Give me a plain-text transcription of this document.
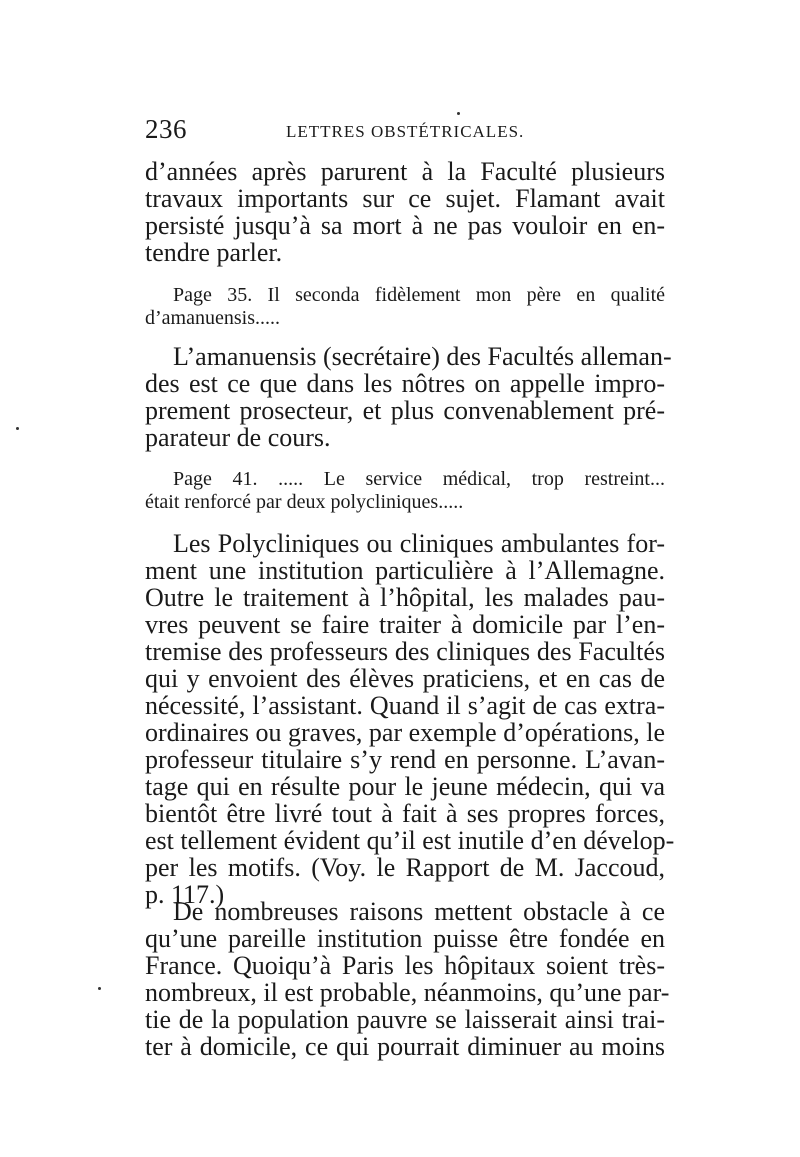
236	LETTRES OBSTÉTRICALES.
d’années après parurent à la Faculté plusieurs
travaux importants sur ce sujet. Flamant avait
persisté jusqu’à sa mort à ne pas vouloir en en-
tendre parler.
Page 35. Il seconda fidèlement mon père en qualité
d’amanuensis.....
L’amanuensis (secrétaire) des Facultés alleman-
des est ce que dans les nôtres on appelle impro-
prement prosecteur, et plus convenablement pré-
parateur de cours.
Page 41. ..... Le service médical, trop restreint...
était renforcé par deux polycliniques.....
Les Polycliniques ou cliniques ambulantes for-
ment une institution particulière à l’Allemagne.
Outre le traitement à l’hôpital, les malades pau-
vres peuvent se faire traiter à domicile par l’en-
tremise des professeurs des cliniques des Facultés
qui y envoient des élèves praticiens, et en cas de
nécessité, l’assistant. Quand il s’agit de cas extra-
ordinaires ou graves, par exemple d’opérations, le
professeur titulaire s’y rend en personne. L’avan-
tage qui en résulte pour le jeune médecin, qui va
bientôt être livré tout à fait à ses propres forces,
est tellement évident qu’il est inutile d’en dévelop-
per les motifs. (Voy. le Rapport de M. Jaccoud,
p. 117.)
De nombreuses raisons mettent obstacle à ce
qu’une pareille institution puisse être fondée en
France. Quoiqu’à Paris les hôpitaux soient très-
nombreux, il est probable, néanmoins, qu’une par-
tie de la population pauvre se laisserait ainsi trai-
ter à domicile, ce qui pourrait diminuer au moins
